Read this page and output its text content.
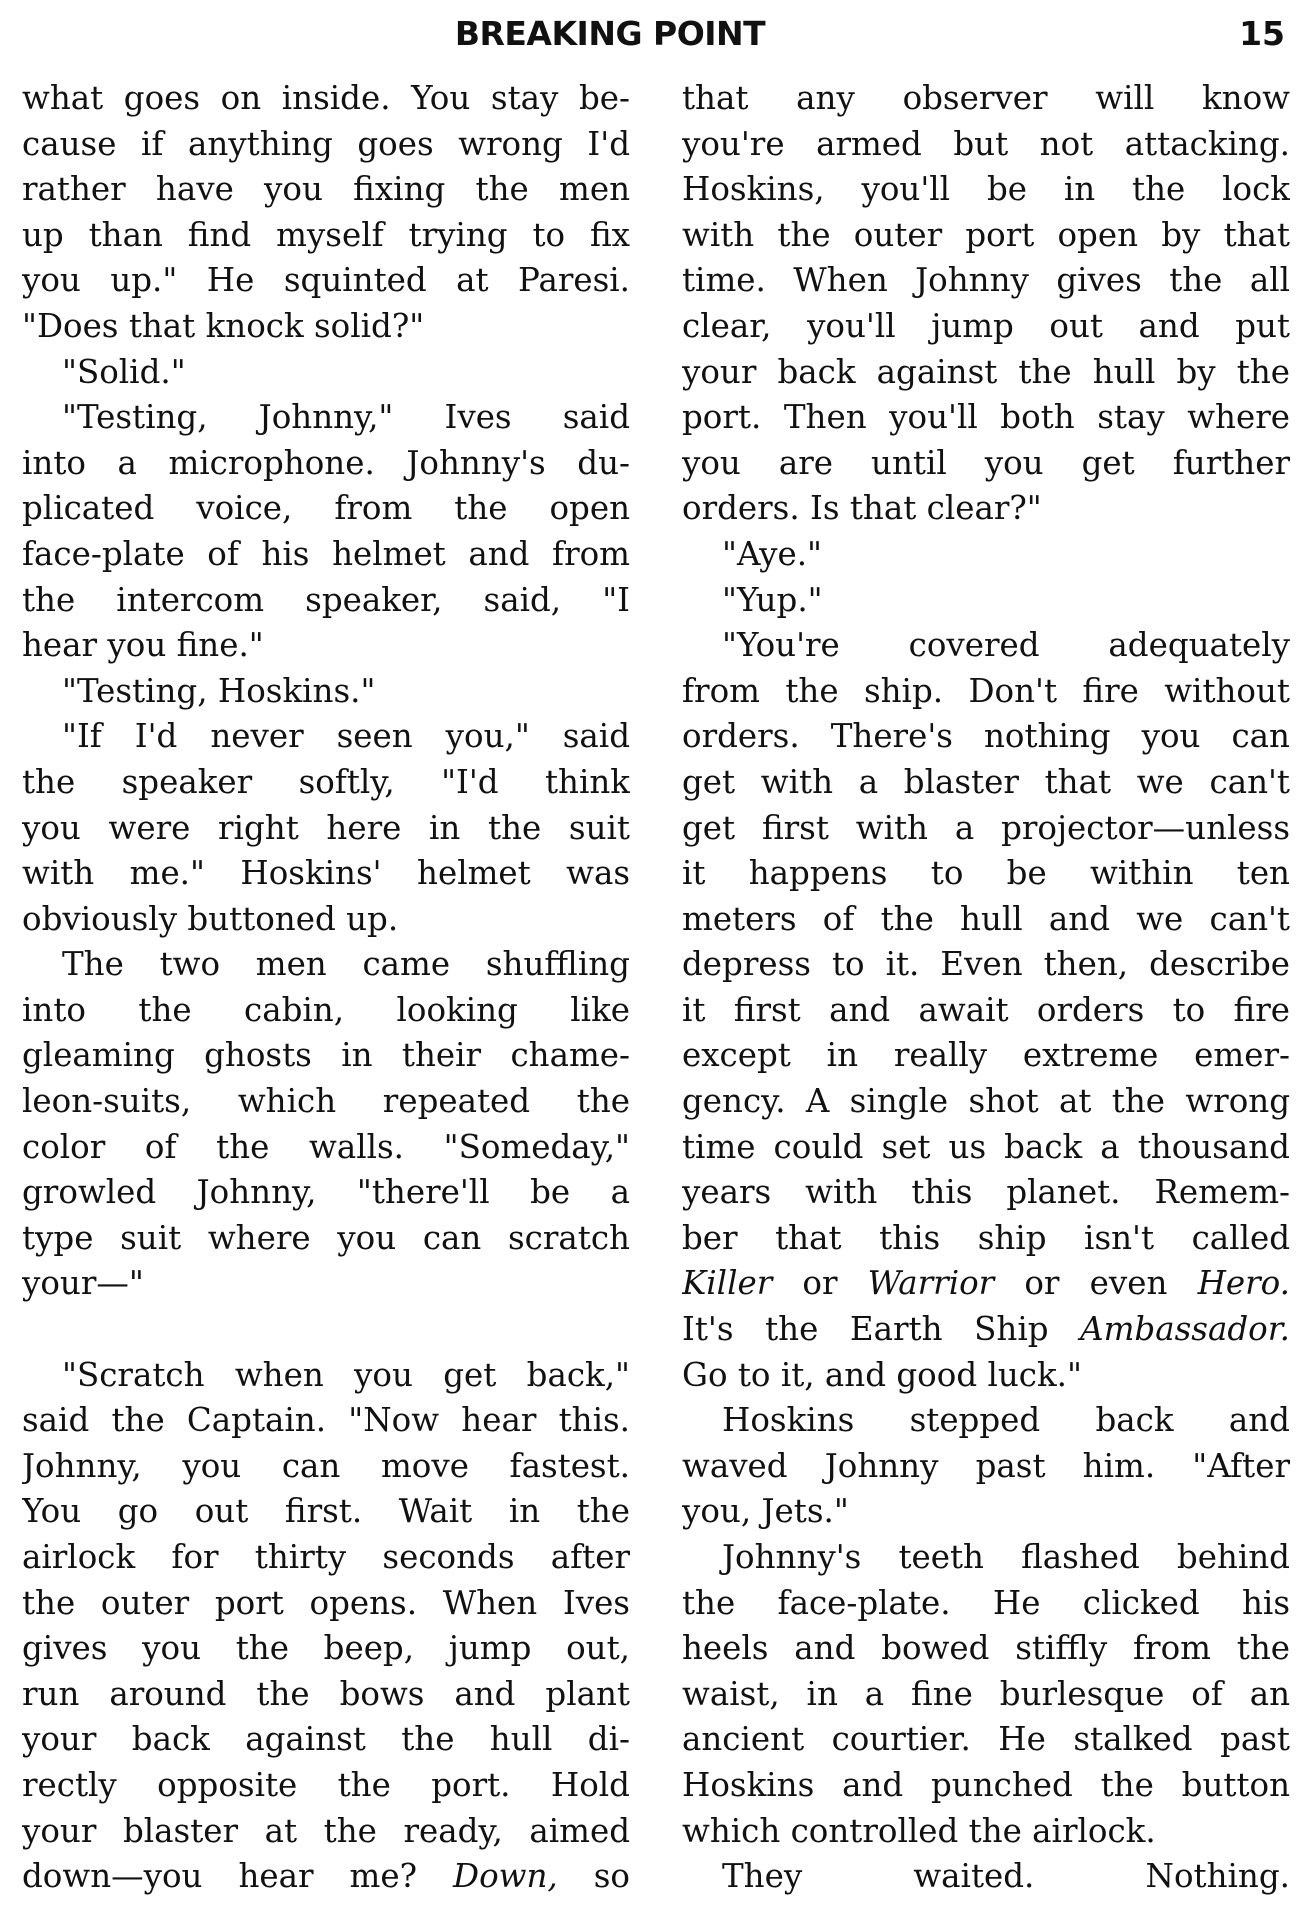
BREAKING POINT	15
what goes on inside. You stay be-
cause if anything goes wrong I'd
rather have you fixing the men
up than find myself trying to fix
you up." He squinted at Paresi.
"Does that knock solid?"
"Solid."
"Testing, Johnny," Ives said
into a microphone. Johnny's du-
plicated voice, from the open
face-plate of his helmet and from
the intercom speaker, said, "I
hear you fine."
"Testing, Hoskins."
"If I'd never seen you," said
the speaker softly, "I'd think
you were right here in the suit
with me." Hoskins' helmet was
obviously buttoned up.
The two men came shuffling
into the cabin, looking like
gleaming ghosts in their chame-
leon-suits, which repeated the
color of the walls. "Someday,"
growled Johnny, "there'll be a
type suit where you can scratch
your—"
"Scratch when you get back,"
said the Captain. "Now hear this.
Johnny, you can move fastest.
You go out first. Wait in the
airlock for thirty seconds after
the outer port opens. When Ives
gives you the beep, jump out,
run around the bows and plant
your back against the hull di-
rectly opposite the port. Hold
your blaster at the ready, aimed
down—you hear me? Down, so
that any observer will know
you're armed but not attacking.
Hoskins, you'll be in the lock
with the outer port open by that
time. When Johnny gives the all
clear, you'll jump out and put
your back against the hull by the
port. Then you'll both stay where
you are until you get further
orders. Is that clear?"
"Aye."
"Yup."
"You're covered adequately
from the ship. Don't fire without
orders. There's nothing you can
get with a blaster that we can't
get first with a projector—unless
it happens to be within ten
meters of the hull and we can't
depress to it. Even then, describe
it first and await orders to fire
except in really extreme emer-
gency. A single shot at the wrong
time could set us back a thousand
years with this planet. Remem-
ber that this ship isn't called
Killer or Warrior or even Hero.
It's the Earth Ship Ambassador.
Go to it, and good luck."
Hoskins stepped back and
waved Johnny past him. "After
you, Jets."
Johnny's teeth flashed behind
the face-plate. He clicked his
heels and bowed stiffly from the
waist, in a fine burlesque of an
ancient courtier. He stalked past
Hoskins and punched the button
which controlled the airlock.
They waited. Nothing.
